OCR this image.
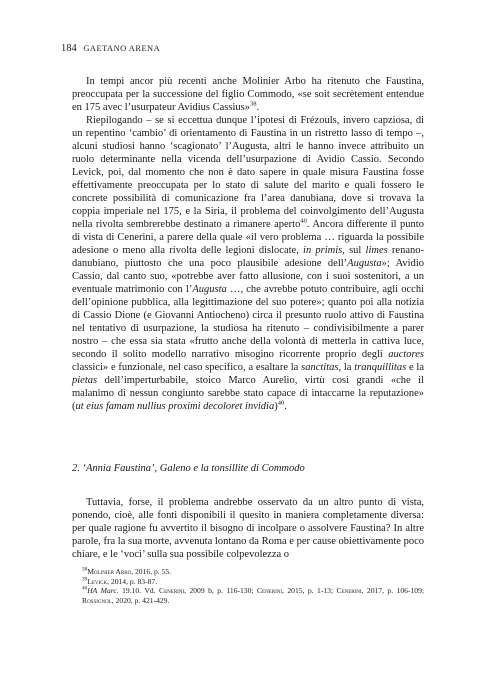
184 GAETANO ARENA

In tempi ancor più recenti anche Molinier Arbo ha ritenuto che Faustina, preoccupata per la successione del figlio Commodo, «se soit secrètement entendue en 175 avec l’usurpateur Avidius Cassius»$^{38}$.

Riepilogando – se si eccettua dunque l’ipotesi di Frézouls, invero capziosa, di un repentino ‘cambio’ di orientamento di Faustina in un ristretto lasso di tempo –, alcuni studiosi hanno ‘scagionato’ l’Augusta, altri le hanno invece attribuito un ruolo determinante nella vicenda dell’usurpazione di Avidio Cassio. Secondo Levick, poi, dal momento che non è dato sapere in quale misura Faustina fosse effettivamente preoccupata per lo stato di salute del marito e quali fossero le concrete possibilità di comunicazione fra l’area danubiana, dove si trovava la coppia imperiale nel 175, e la Siria, il problema del coinvolgimento dell’Augusta nella rivolta sembrerebbe destinato a rimanere aperto$^{40}$. Ancora differente il punto di vista di Cenerini, a parere della quale «il vero problema … riguarda la possibile adesione o meno alla rivolta delle legioni dislocate, in primis, sul limes renano-danubiano, piuttosto che una poco plausibile adesione dell’Augusta»; Avidio Cassio, dal canto suo, «potrebbe aver fatto allusione, con i suoi sostenitori, a un eventuale matrimonio con l’Augusta …, che avrebbe potuto contribuire, agli occhi dell’opinione pubblica, alla legittimazione del suo potere»; quanto poi alla notizia di Cassio Dione (e Giovanni Antiocheno) circa il presunto ruolo attivo di Faustina nel tentativo di usurpazione, la studiosa ha ritenuto – condivisibilmente a parer nostro – che essa sia stata «frutto anche della volontà di metterla in cattiva luce, secondo il solito modello narrativo misogino ricorrente proprio degli auctores classici» e funzionale, nel caso specifico, a esaltare la sanctitas, la tranquillitas e la pietas dell’imperturbabile, stoico Marco Aurelio, virtù così grandi «che il malanimo di nessun congiunto sarebbe stato capace di intaccarne la reputazione» (ut eius famam nullius proximi decoloret invidia)$^{40}$.

2. ‘Annia Faustina’, Galeno e la tonsillite di Commodo

Tuttavia, forse, il problema andrebbe osservato da un altro punto di vista, ponendo, cioè, alle fonti disponibili il quesito in maniera completamente diversa: per quale ragione fu avvertito il bisogno di incolpare o assolvere Faustina? In altre parole, fra la sua morte, avvenuta lontano da Roma e per cause obiettivamente poco chiare, e le ‘voci’ sulla sua possibile colpevolezza o

$^{38}$Molinier Arbo, 2016, p. 55.

$^{39}$Levick, 2014, p. 83-87.

$^{40}$HA Marc. 19.10. Vd. Cenerini, 2009 b, p. 116-130; Cenerini, 2015, p. 1-13; Cenerini, 2017, p. 106-109; Rossignol, 2020, p. 421-429.
